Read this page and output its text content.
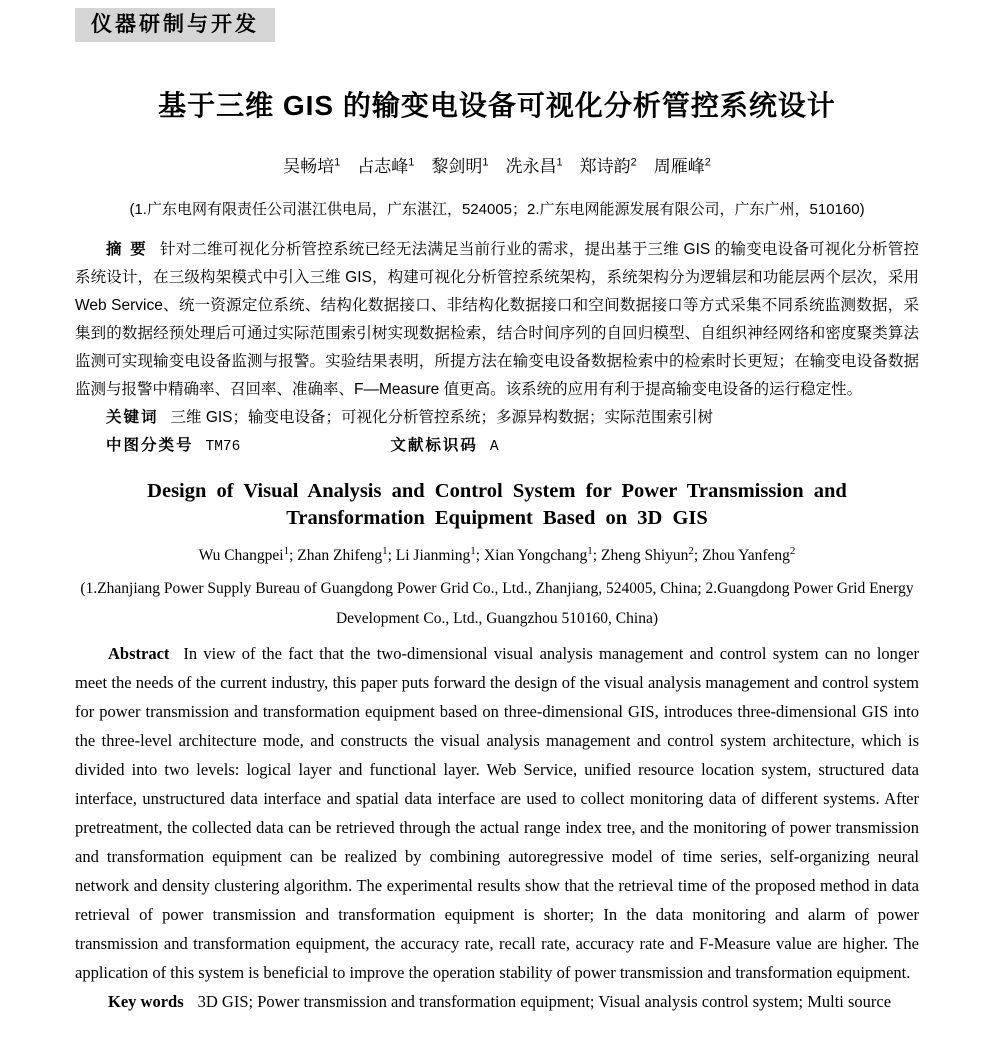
仪器研制与开发
基于三维 GIS 的输变电设备可视化分析管控系统设计
吴畅培$^1$　 占志峰$^1$　 黎剑明$^1$　 冼永昌$^1$　 郑诗韵$^2$　 周雁峰$^2$
(1.广东电网有限责任公司湛江供电局，广东湛江，524005；2.广东电网能源发展有限公司，广东广州，510160)

摘 要 针对二维可视化分析管控系统已经无法满足当前行业的需求，提出基于三维 GIS 的输变电设备可视化分析管控系统设计，在三级构架模式中引入三维 GIS，构建可视化分析管控系统架构，系统架构分为逻辑层和功能层两个层次，采用 Web Service、统一资源定位系统、结构化数据接口、非结构化数据接口和空间数据接口等方式采集不同系统监测数据，采集到的数据经预处理后可通过实际范围索引树实现数据检索，结合时间序列的自回归模型、自组织神经网络和密度聚类算法监测可实现输变电设备监测与报警。实验结果表明，所提方法在输变电设备数据检索中的检索时长更短；在输变电设备数据监测与报警中精确率、召回率、准确率、F—Measure 值更高。该系统的应用有利于提高输变电设备的运行稳定性。

关键词 三维 GIS；输变电设备；可视化分析管控系统；多源异构数据；实际范围索引树

中图分类号 TM76	文献标识码 A

Design of Visual Analysis and Control System for Power Transmission and Transformation Equipment Based on 3D GIS
Wu Changpei$^1$; Zhan Zhifeng$^1$; Li Jianming$^1$; Xian Yongchang$^1$; Zheng Shiyun$^2$; Zhou Yanfeng$^2$
(1.Zhanjiang Power Supply Bureau of Guangdong Power Grid Co., Ltd., Zhanjiang, 524005, China; 2.Guangdong Power Grid Energy Development Co., Ltd., Guangzhou 510160, China)

Abstract In view of the fact that the two-dimensional visual analysis management and control system can no longer meet the needs of the current industry, this paper puts forward the design of the visual analysis management and control system for power transmission and transformation equipment based on three-dimensional GIS, introduces three-dimensional GIS into the three-level architecture mode, and constructs the visual analysis management and control system architecture, which is divided into two levels: logical layer and functional layer. Web Service, unified resource location system, structured data interface, unstructured data interface and spatial data interface are used to collect monitoring data of different systems. After pretreatment, the collected data can be retrieved through the actual range index tree, and the monitoring of power transmission and transformation equipment can be realized by combining autoregressive model of time series, self-organizing neural network and density clustering algorithm. The experimental results show that the retrieval time of the proposed method in data retrieval of power transmission and transformation equipment is shorter; In the data monitoring and alarm of power transmission and transformation equipment, the accuracy rate, recall rate, accuracy rate and F-Measure value are higher. The application of this system is beneficial to improve the operation stability of power transmission and transformation equipment.

Key words 3D GIS; Power transmission and transformation equipment; Visual analysis control system; Multi source
